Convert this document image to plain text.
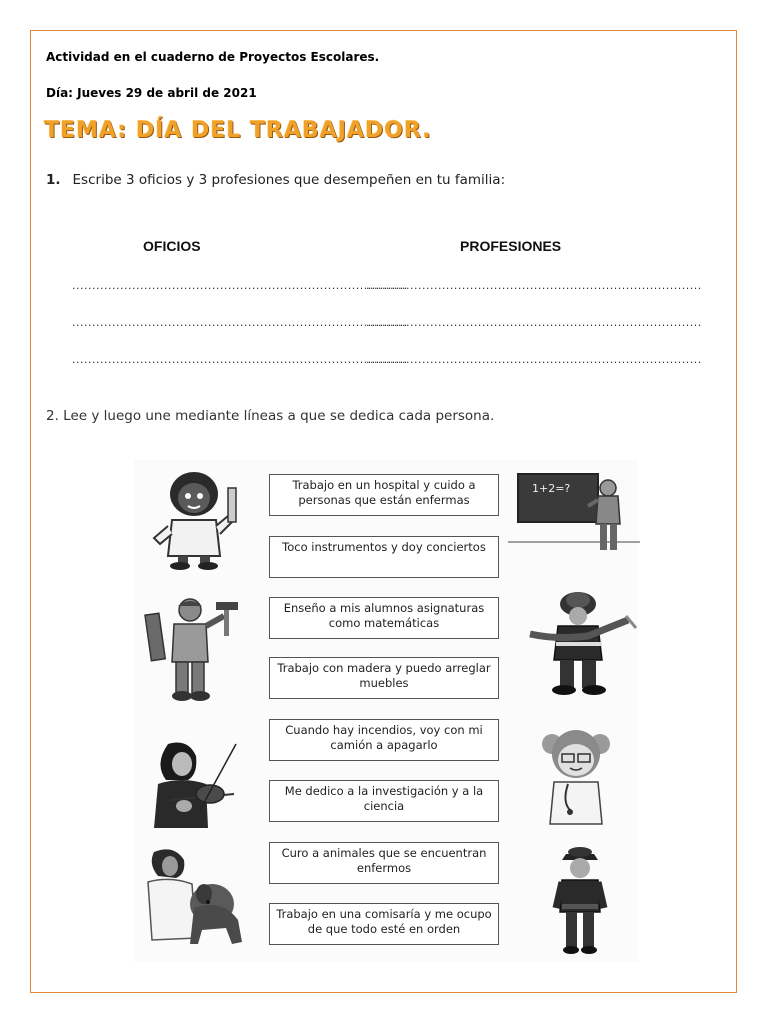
Actividad en el cuaderno de Proyectos Escolares.
Día: Jueves 29 de abril de 2021
TEMA: DÍA DEL TRABAJADOR.
1. Escribe 3 oficios y 3 profesiones que desempeñen en tu familia:
OFICIOS	PROFESIONES
....................................................................................
....................................................................................
....................................................................................
....................................................................................
....................................................................................
....................................................................................
2. Lee y luego une mediante líneas a que se dedica cada persona.
Trabajo en un hospital y cuido a personas que están enfermas
Toco instrumentos y doy conciertos
Enseño a mis alumnos asignaturas como matemáticas
Trabajo con madera y puedo arreglar muebles
Cuando hay incendios, voy con mi camión a apagarlo
Me dedico a la investigación y a la ciencia
Curo a animales que se encuentran enfermos
Trabajo en una comisaría y me ocupo de que todo esté en orden
1+2=?
